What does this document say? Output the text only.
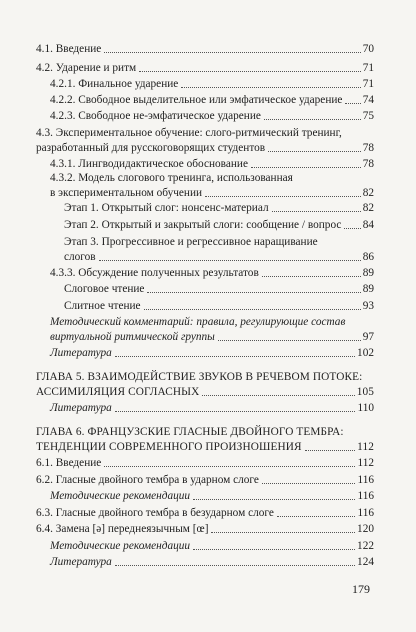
4.1. Введение	70
4.2. Ударение и ритм	71
4.2.1. Финальное ударение	71
4.2.2. Свободное выделительное или эмфатическое ударение 74
4.2.3. Свободное не-эмфатическое ударение	75
4.3. Экспериментальное обучение: слого-ритмический тренинг,
разработанный для русскоговорящих студентов	78
4.3.1. Лингводидактическое обоснование	78
4.3.2. Модель слогового тренинга, использованная
в экспериментальном обучении	82
Этап 1. Открытый слог: нонсенс-материал	82
Этап 2. Открытый и закрытый слоги: сообщение / вопрос 84
Этап 3. Прогрессивное и регрессивное наращивание
слогов	86
4.3.3. Обсуждение полученных результатов	89
Слоговое чтение	89
Слитное чтение	93
Методический комментарий: правила, регулирующие состав
виртуальной ритмической группы	97
Литература	102
ГЛАВА 5. ВЗАИМОДЕЙСТВИЕ ЗВУКОВ В РЕЧЕВОМ ПОТОКЕ:
АССИМИЛЯЦИЯ СОГЛАСНЫХ	105
Литература	110
ГЛАВА 6. ФРАНЦУЗСКИЕ ГЛАСНЫЕ ДВОЙНОГО ТЕМБРА:
ТЕНДЕНЦИИ СОВРЕМЕННОГО ПРОИЗНОШЕНИЯ	112
6.1. Введение	112
6.2. Гласные двойного тембра в ударном слоге	116
Методические рекомендации	116
6.3. Гласные двойного тембра в безударном слоге	116
6.4. Замена [ə] переднеязычным [œ]	120
Методические рекомендации	122
Литература	124
179
